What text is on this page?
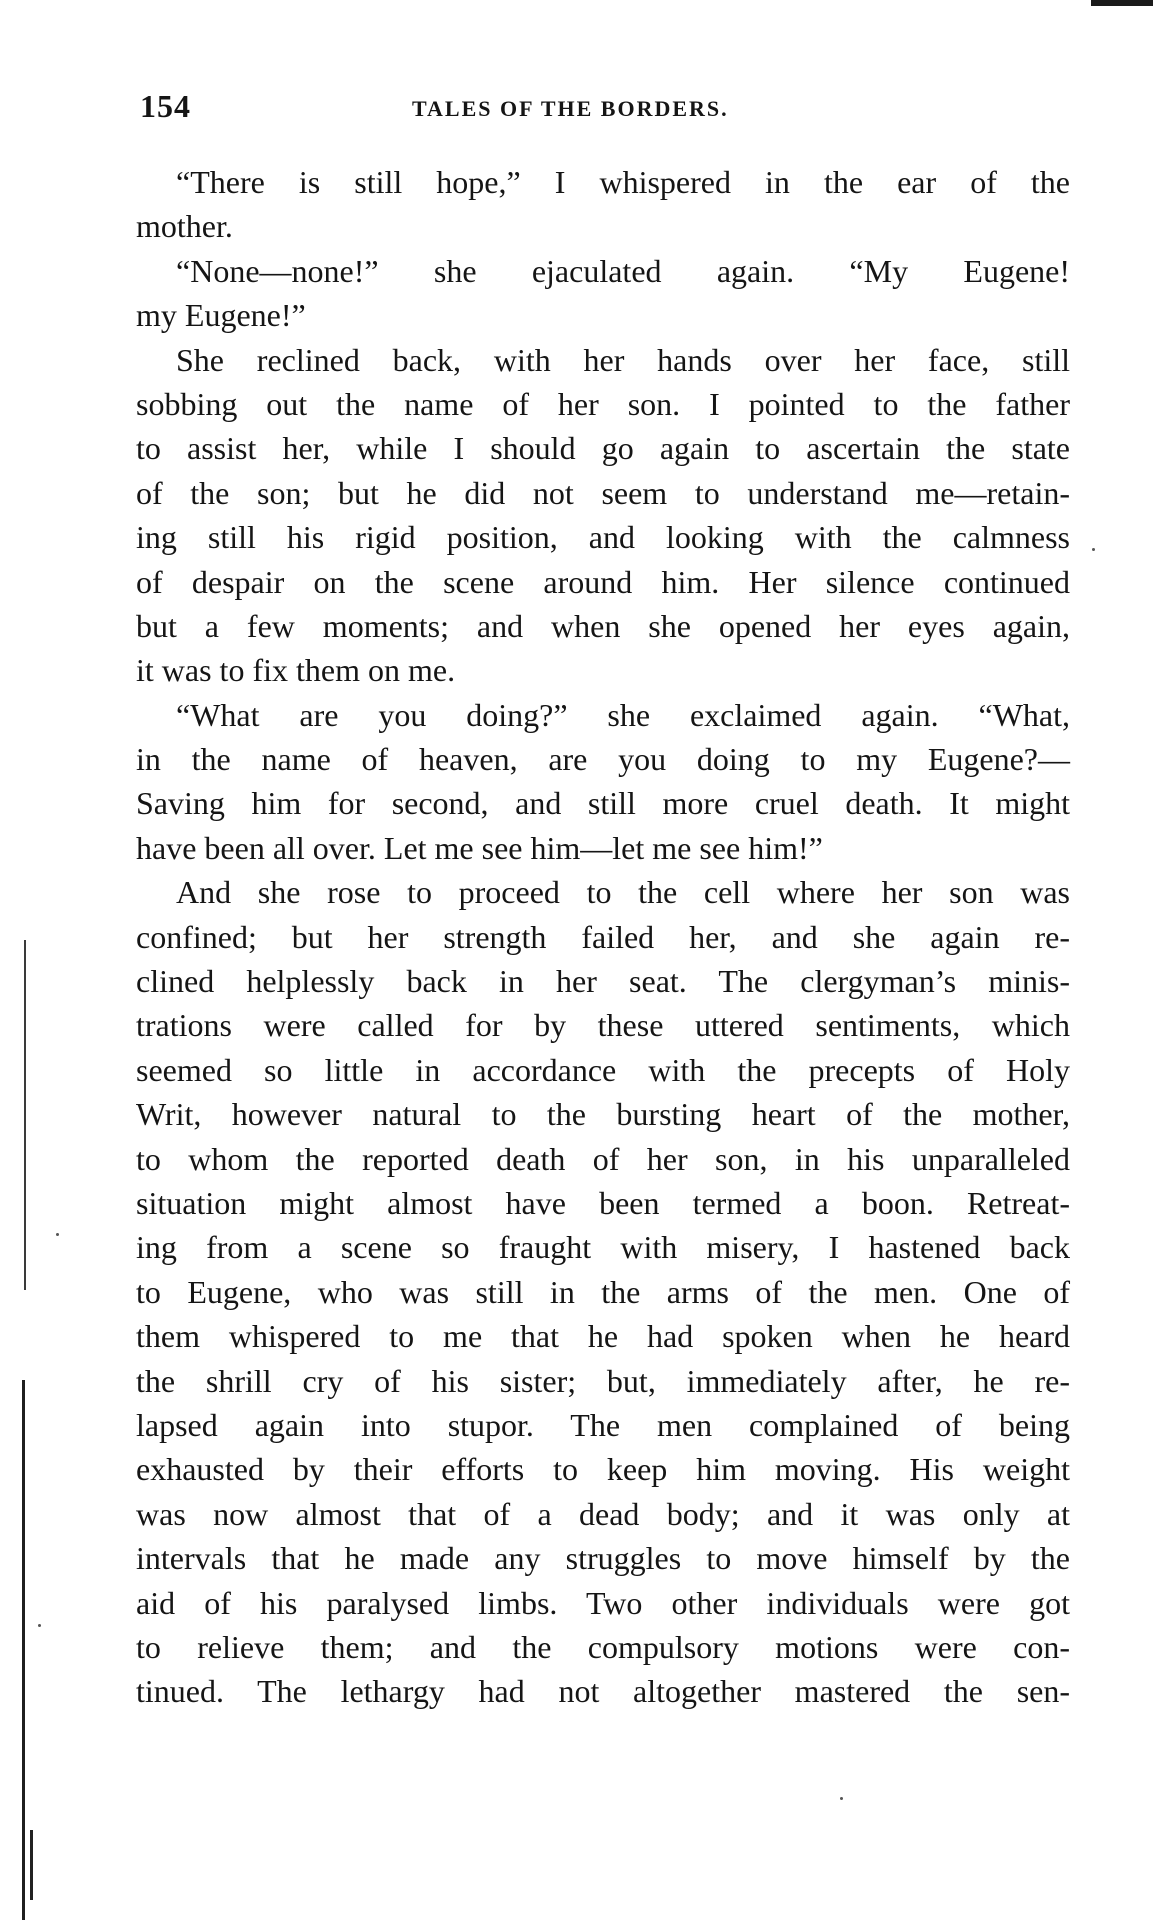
154	TALES OF THE BORDERS.
“There is still hope,” I whispered in the ear of the
mother.
“None—none!” she ejaculated again. “My Eugene!
my Eugene!”
She reclined back, with her hands over her face, still
sobbing out the name of her son. I pointed to the father
to assist her, while I should go again to ascertain the state
of the son; but he did not seem to understand me—retain-
ing still his rigid position, and looking with the calmness
of despair on the scene around him. Her silence continued
but a few moments; and when she opened her eyes again,
it was to fix them on me.
“What are you doing?” she exclaimed again. “What,
in the name of heaven, are you doing to my Eugene?—
Saving him for second, and still more cruel death. It might
have been all over. Let me see him—let me see him!”
And she rose to proceed to the cell where her son was
confined; but her strength failed her, and she again re-
clined helplessly back in her seat. The clergyman’s minis-
trations were called for by these uttered sentiments, which
seemed so little in accordance with the precepts of Holy
Writ, however natural to the bursting heart of the mother,
to whom the reported death of her son, in his unparalleled
situation might almost have been termed a boon. Retreat-
ing from a scene so fraught with misery, I hastened back
to Eugene, who was still in the arms of the men. One of
them whispered to me that he had spoken when he heard
the shrill cry of his sister; but, immediately after, he re-
lapsed again into stupor. The men complained of being
exhausted by their efforts to keep him moving. His weight
was now almost that of a dead body; and it was only at
intervals that he made any struggles to move himself by the
aid of his paralysed limbs. Two other individuals were got
to relieve them; and the compulsory motions were con-
tinued. The lethargy had not altogether mastered the sen-
